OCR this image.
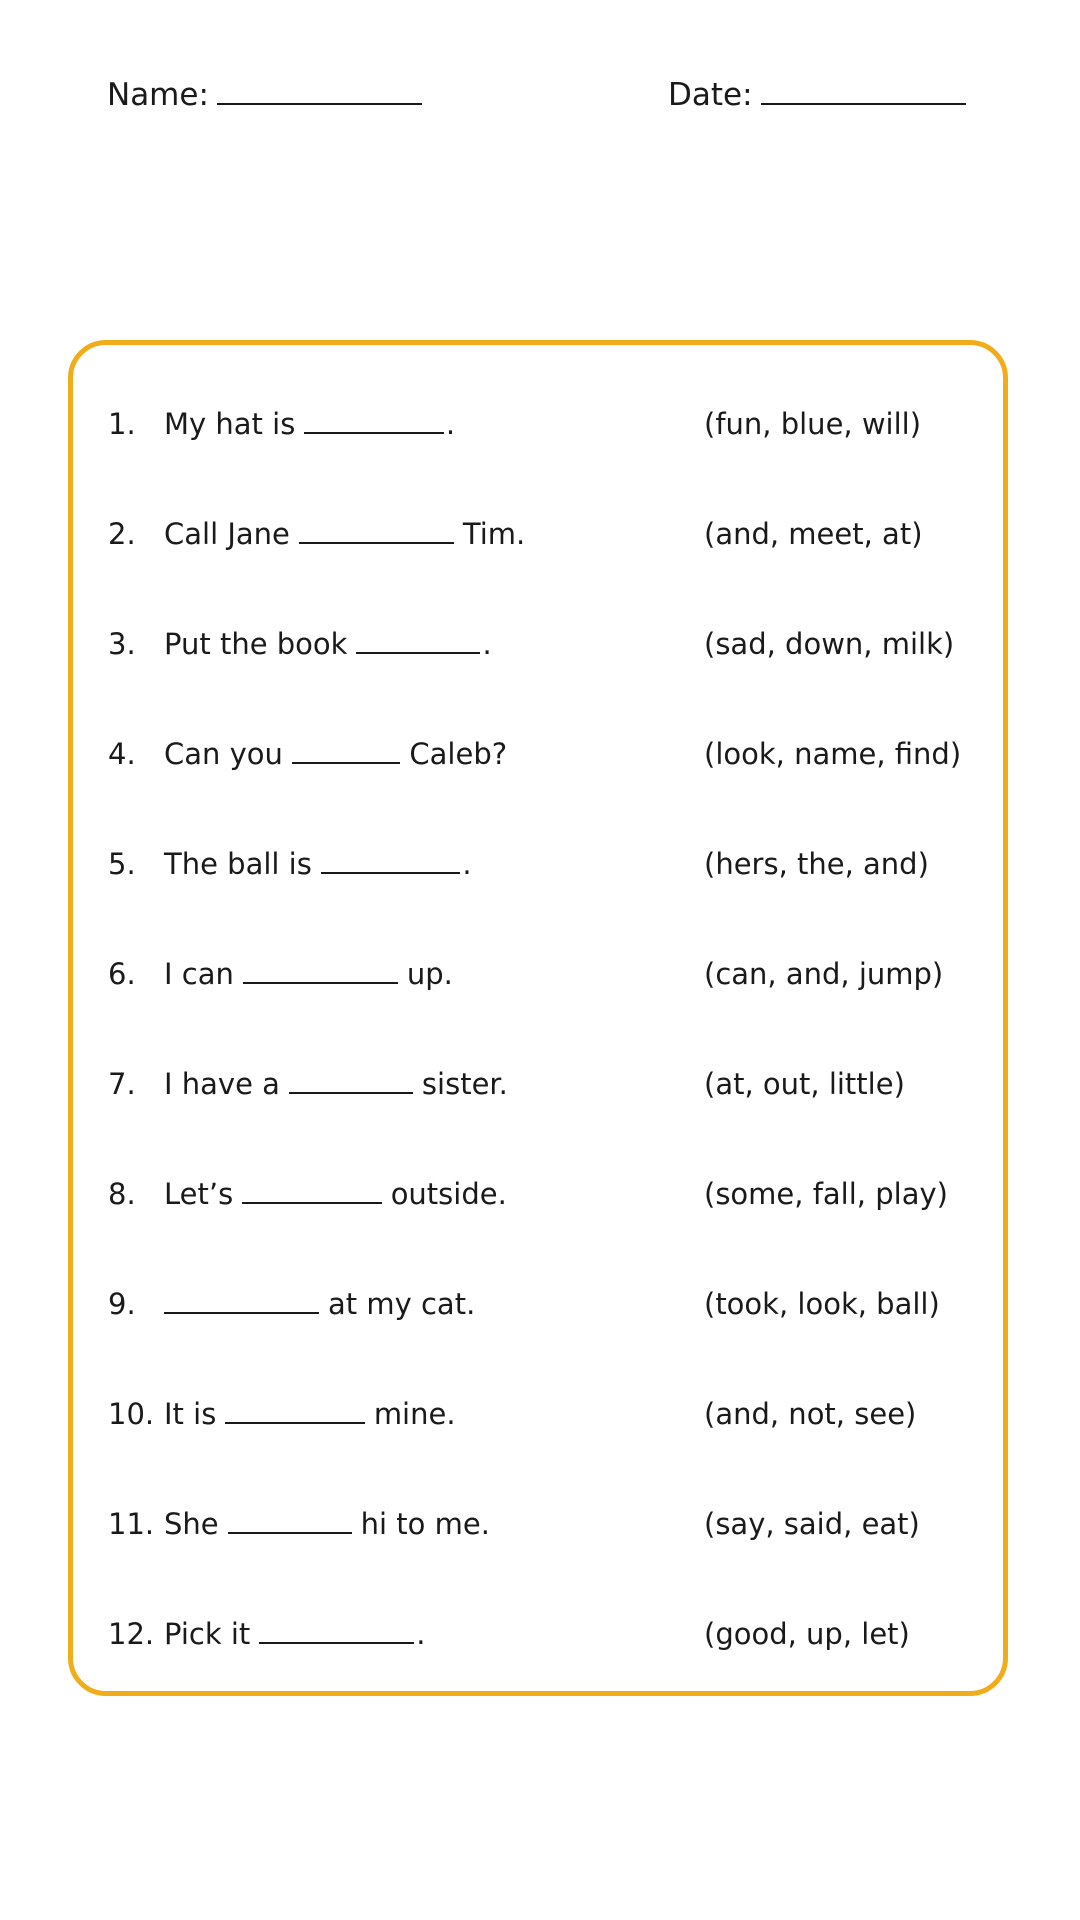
Name:	Date:
1. My hat is	.	(fun, blue, will)
2. Call Jane	Tim.	(and, meet, at)
3. Put the book	.	(sad, down, milk)
4. Can you	Caleb?	(look, name, find)
5. The ball is	.	(hers, the, and)
6. I can	up.	(can, and, jump)
7. I have a	sister.	(at, out, little)
8. Let’s	outside.	(some, fall, play)
9.	at my cat.	(took, look, ball)
10. It is	mine.	(and, not, see)
11. She	hi to me.	(say, said, eat)
12. Pick it	.	(good, up, let)
